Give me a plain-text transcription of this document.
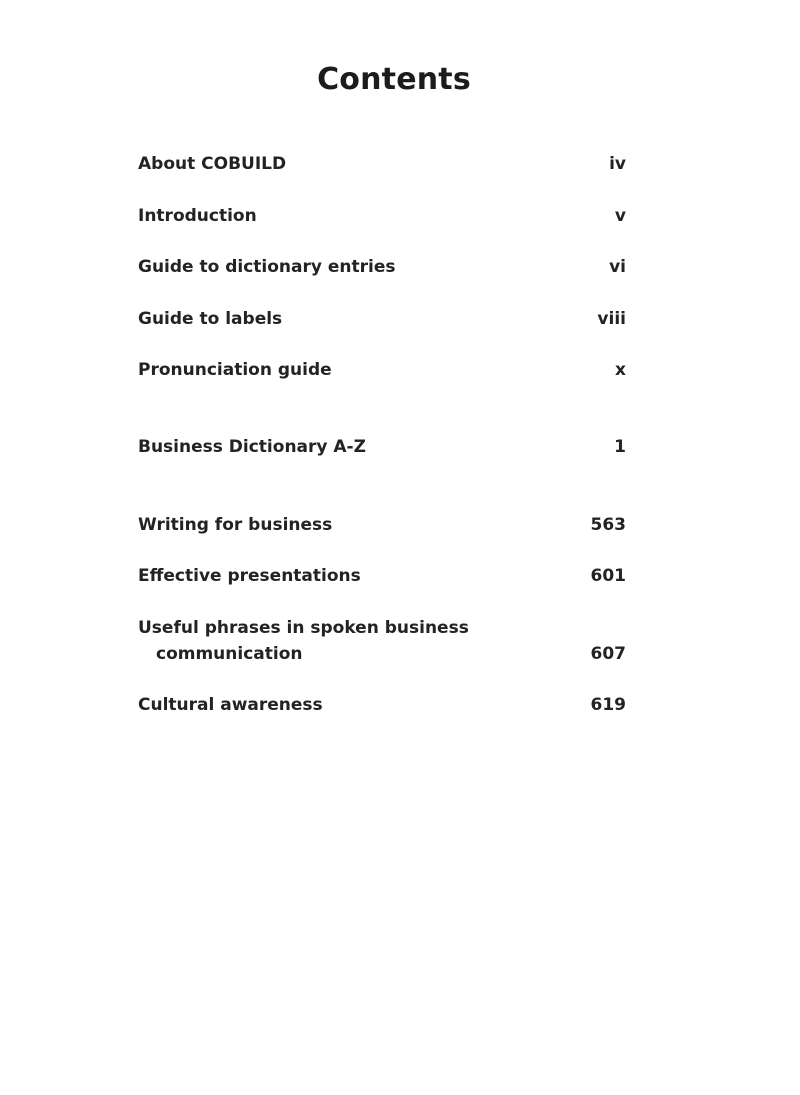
Contents
About COBUILD	iv
Introduction	v
Guide to dictionary entries	vi
Guide to labels	viii
Pronunciation guide	x
Business Dictionary A-Z	1
Writing for business	563
Effective presentations	601
Useful phrases in spoken business
communication	607
Cultural awareness	619
